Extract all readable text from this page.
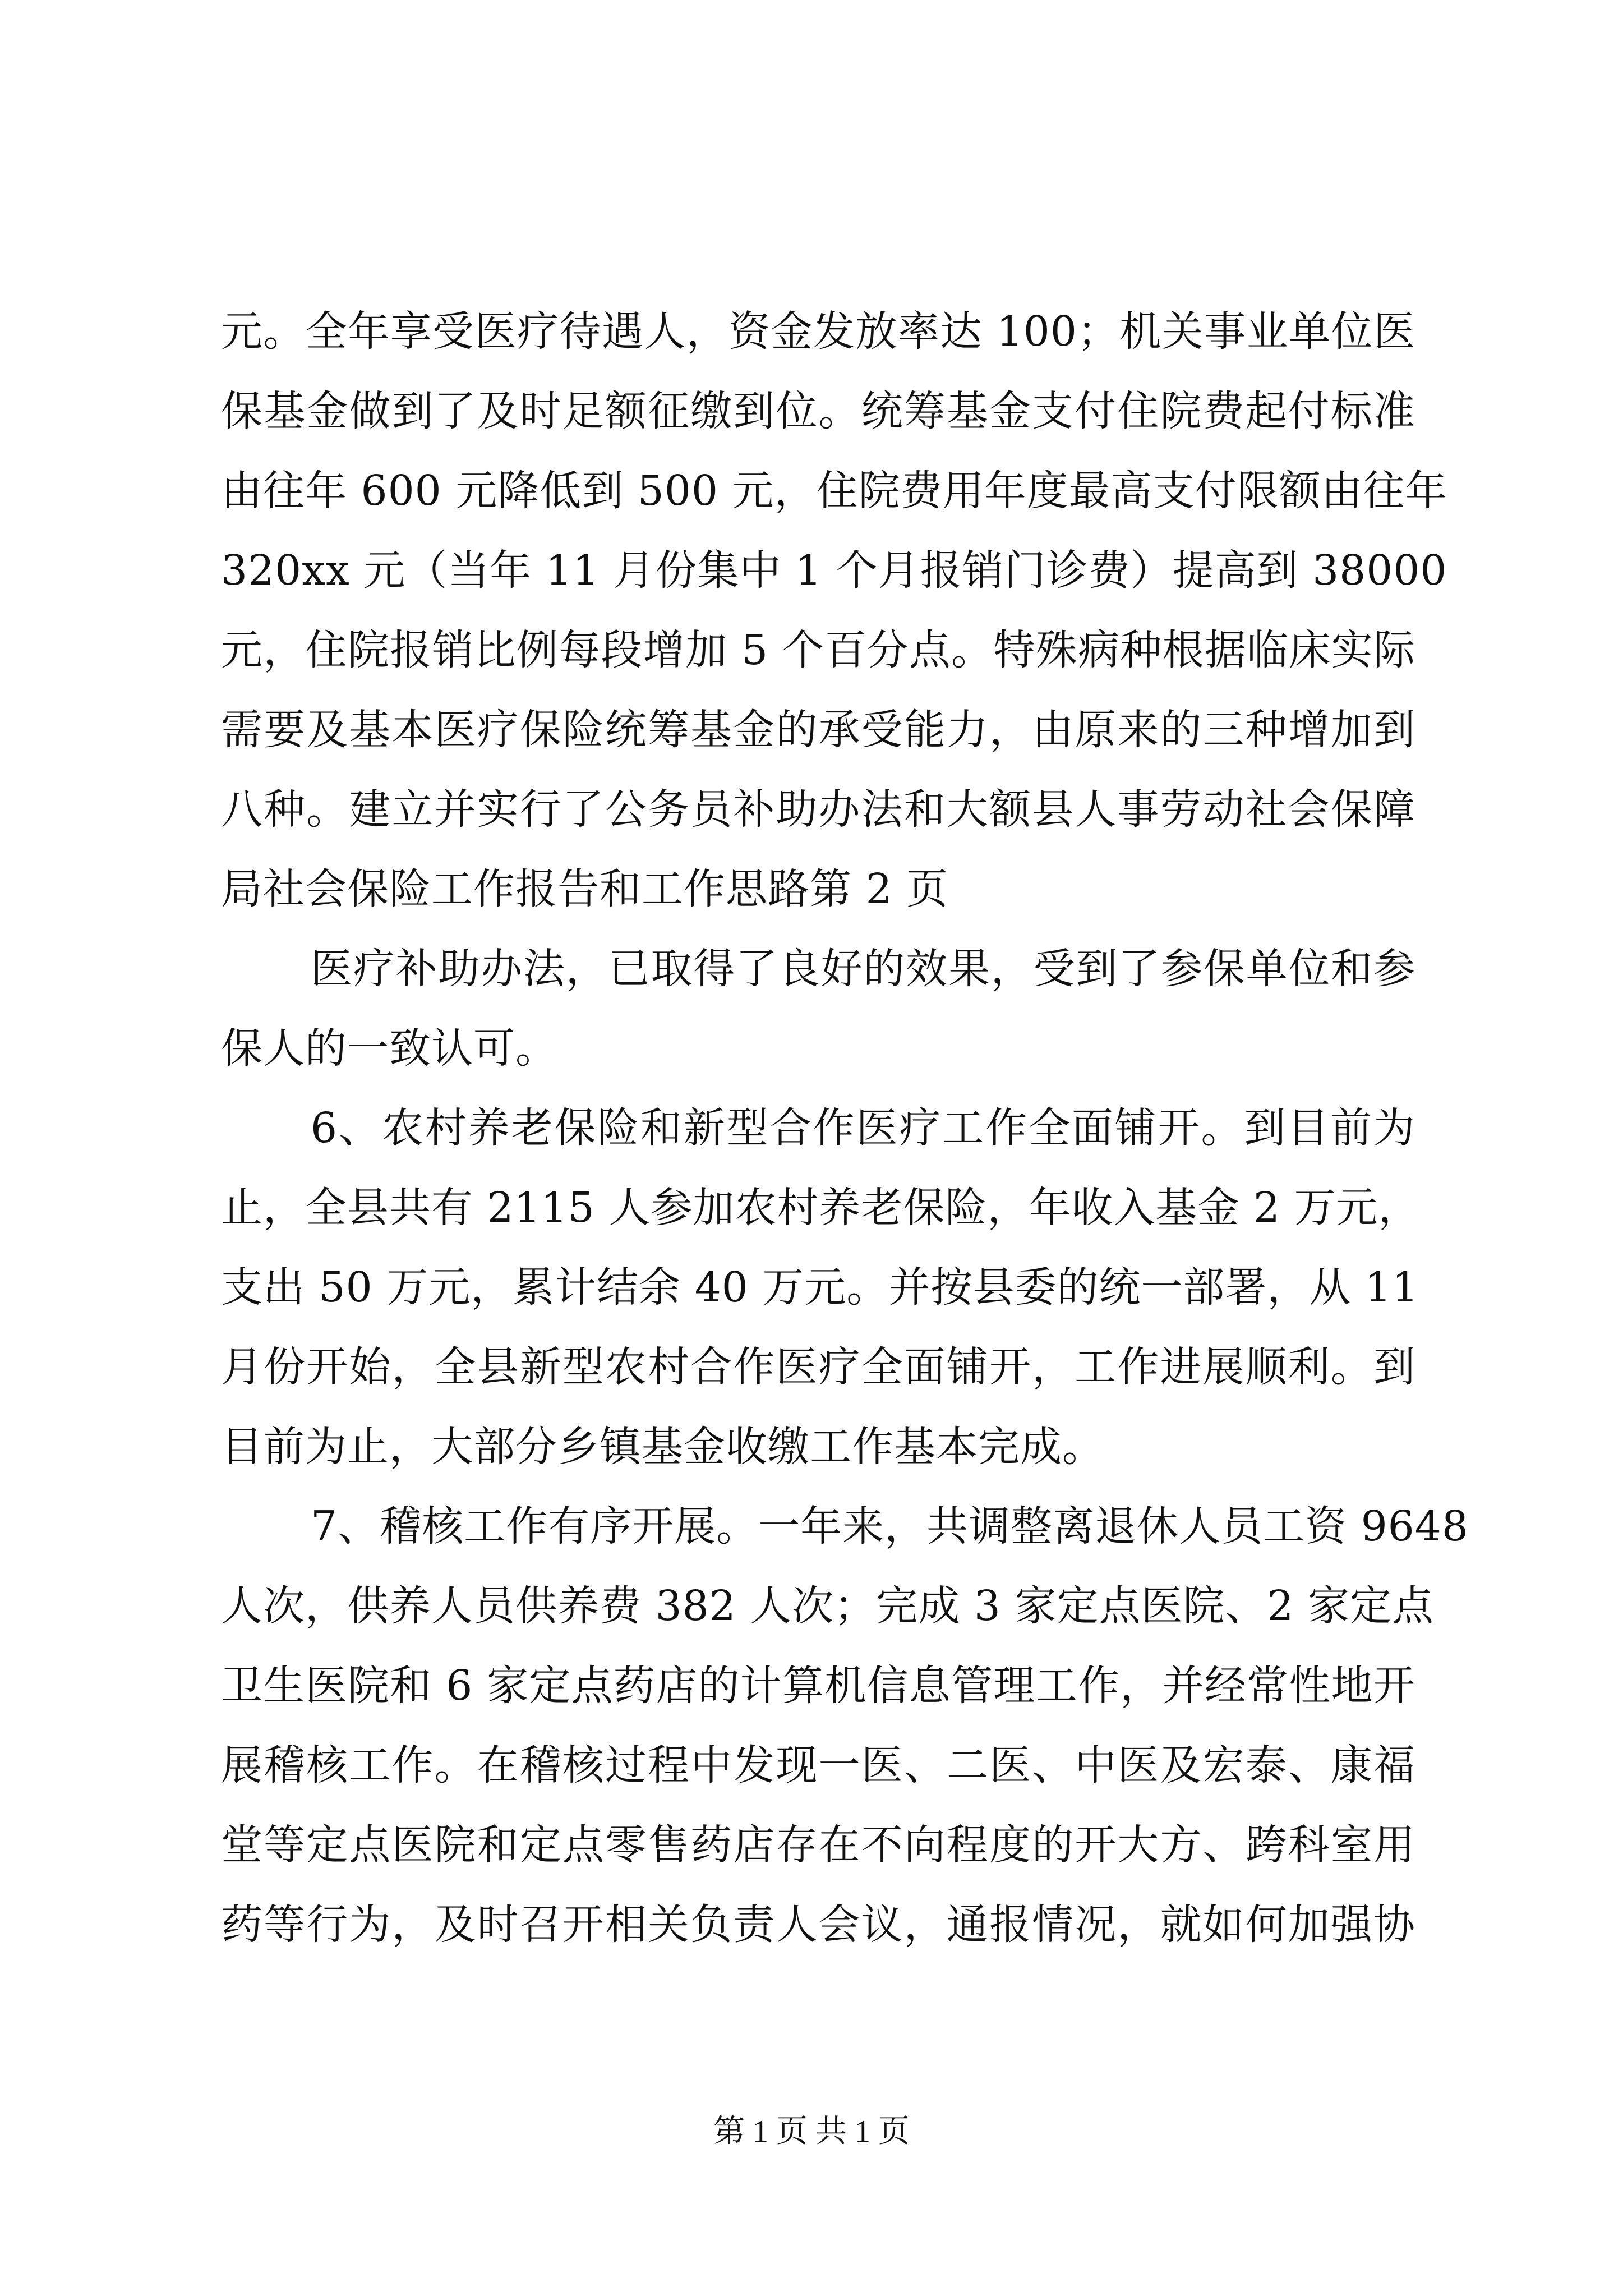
元。全年享受医疗待遇人，资金发放率达 100；机关事业单位医
保基金做到了及时足额征缴到位。统筹基金支付住院费起付标准
由往年 600 元降低到 500 元，住院费用年度最高支付限额由往年
320xx 元（当年 11 月份集中 1 个月报销门诊费）提高到 38000
元，住院报销比例每段增加 5 个百分点。特殊病种根据临床实际
需要及基本医疗保险统筹基金的承受能力，由原来的三种增加到
八种。建立并实行了公务员补助办法和大额县人事劳动社会保障
局社会保险工作报告和工作思路第 2 页
医疗补助办法，已取得了良好的效果，受到了参保单位和参
保人的一致认可。
6、农村养老保险和新型合作医疗工作全面铺开。到目前为
止，全县共有 2115 人参加农村养老保险，年收入基金 2 万元，
支出 50 万元，累计结余 40 万元。并按县委的统一部署，从 11
月份开始，全县新型农村合作医疗全面铺开，工作进展顺利。到
目前为止，大部分乡镇基金收缴工作基本完成。
7、稽核工作有序开展。一年来，共调整离退休人员工资 9648
人次，供养人员供养费 382 人次；完成 3 家定点医院、2 家定点
卫生医院和 6 家定点药店的计算机信息管理工作，并经常性地开
展稽核工作。在稽核过程中发现一医、二医、中医及宏泰、康福
堂等定点医院和定点零售药店存在不向程度的开大方、跨科室用
药等行为，及时召开相关负责人会议，通报情况，就如何加强协
第 1 页 共 1 页
